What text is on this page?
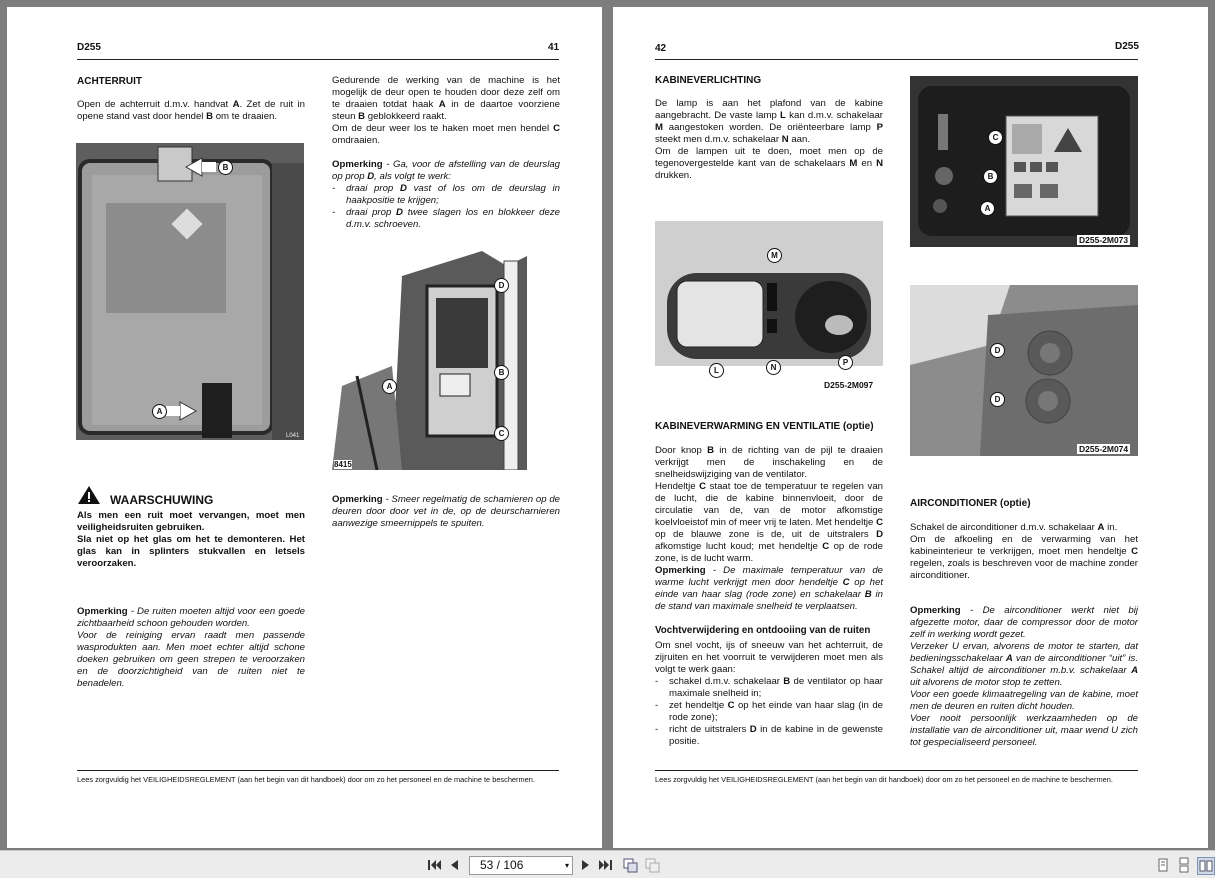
D255	41
ACHTERRUIT

Open de achterruit d.m.v. handvat A. Zet de ruit in opene stand vast door hendel B om te draaien.

B
A
L041
WAARSCHUWING

Als men een ruit moet vervangen, moet men veiligheidsruiten gebruiken.
Sla niet op het glas om het te demonteren. Het glas kan in splinters stukvallen en letsels veroorzaken.

Opmerking - De ruiten moeten altijd voor een goede zichtbaarheid schoon gehouden worden.
Voor de reiniging ervan raadt men passende wasprodukten aan. Men moet echter altijd schone doeken gebruiken om geen strepen te veroorzaken en de doorzichtigheid van de ruiten niet te benadelen.

Gedurende de werking van de machine is het mogelijk de deur open te houden door deze zelf om te draaien totdat haak A in de daartoe voorziene steun B geblokkeerd raakt.
Om de deur weer los te haken moet men hendel C omdraaien.

Opmerking - Ga, voor de afstelling van de deurslag op prop D, als volgt te werk:
- draai prop D vast of los om de deurslag in haakpositie te krijgen;
- draai prop D twee slagen los en blokkeer deze d.m.v. schroeven.
D
A
B
C
8415

Opmerking - Smeer regelmatig de schamieren op de deuren door door vet in de, op de deurscharnieren aanwezige smeernippels te spuiten.

Lees zorgvuldig het VEILIGHEIDSREGLEMENT (aan het begin van dit handboek) door om zo het personeel en de machine te beschermen.
42	D255
KABINEVERLICHTING

De lamp is aan het plafond van de kabine aangebracht. De vaste lamp L kan d.m.v. schakelaar M aangestoken worden. De oriënteerbare lamp P steekt men d.m.v. schakelaar N aan.
Om de lampen uit te doen, moet men op de tegenovergestelde kant van de schakelaars M en N drukken.

M
L	N
P
D255-2M097
KABINEVERWARMING EN VENTILATIE (optie)

Door knop B in de richting van de pijl te draaien verkrijgt men de inschakeling en de snelheidswijziging van de ventilator.
Hendeltje C staat toe de temperatuur te regelen van de lucht, die de kabine binnenvloeit, door de circulatie van de, van de motor afkomstige koelvloeistof min of meer vrij te laten. Met hendeltje C op de blauwe zone is de, uit de uitstralers D afkomstige lucht koud; met hendeltje C op de rode zone, is de lucht warm.

Opmerking - De maximale temperatuur van de warme lucht verkrijgt men door hendeltje C op het einde van haar slag (rode zone) en schakelaar B in de stand van maximale snelheid te verplaatsen.

Vochtverwijdering en ontdooiing van de ruiten
Om snel vocht, ijs of sneeuw van het achterruit, de zijruiten en het voorruit te verwijderen moet men als volgt te werk gaan:
- schakel d.m.v. schakelaar B de ventilator op haar maximale snelheid in;
- zet hendeltje C op het einde van haar slag (in de rode zone);
- richt de uitstralers D in de kabine in de gewenste positie.
C
B
A
D255-2M073
D
D
D255-2M074
AIRCONDITIONER (optie)

Schakel de airconditioner d.m.v. schakelaar A in.
Om de afkoeling en de verwarming van het kabineinterieur te verkrijgen, moet men hendeltje C regelen, zoals is beschreven voor de machine zonder airconditioner.

Opmerking - De airconditioner werkt niet bij afgezette motor, daar de compressor door de motor zelf in werking wordt gezet.
Verzeker U ervan, alvorens de motor te starten, dat bedieningsschakelaar A van de airconditioner “uit” is. Schakel altijd de airconditioner m.b.v. schakelaar A uit alvorens de motor stop te zetten.
Voor een goede klimaatregeling van de kabine, moet men de deuren en ruiten dicht houden.
Voer nooit persoonlijk werkzaamheden op de installatie van de airconditioner uit, maar wend U zich tot gespecialiseerd personeel.

Lees zorgvuldig het VEILIGHEIDSREGLEMENT (aan het begin van dit handboek) door om zo het personeel en de machine te beschermen.
53 / 106	▾
